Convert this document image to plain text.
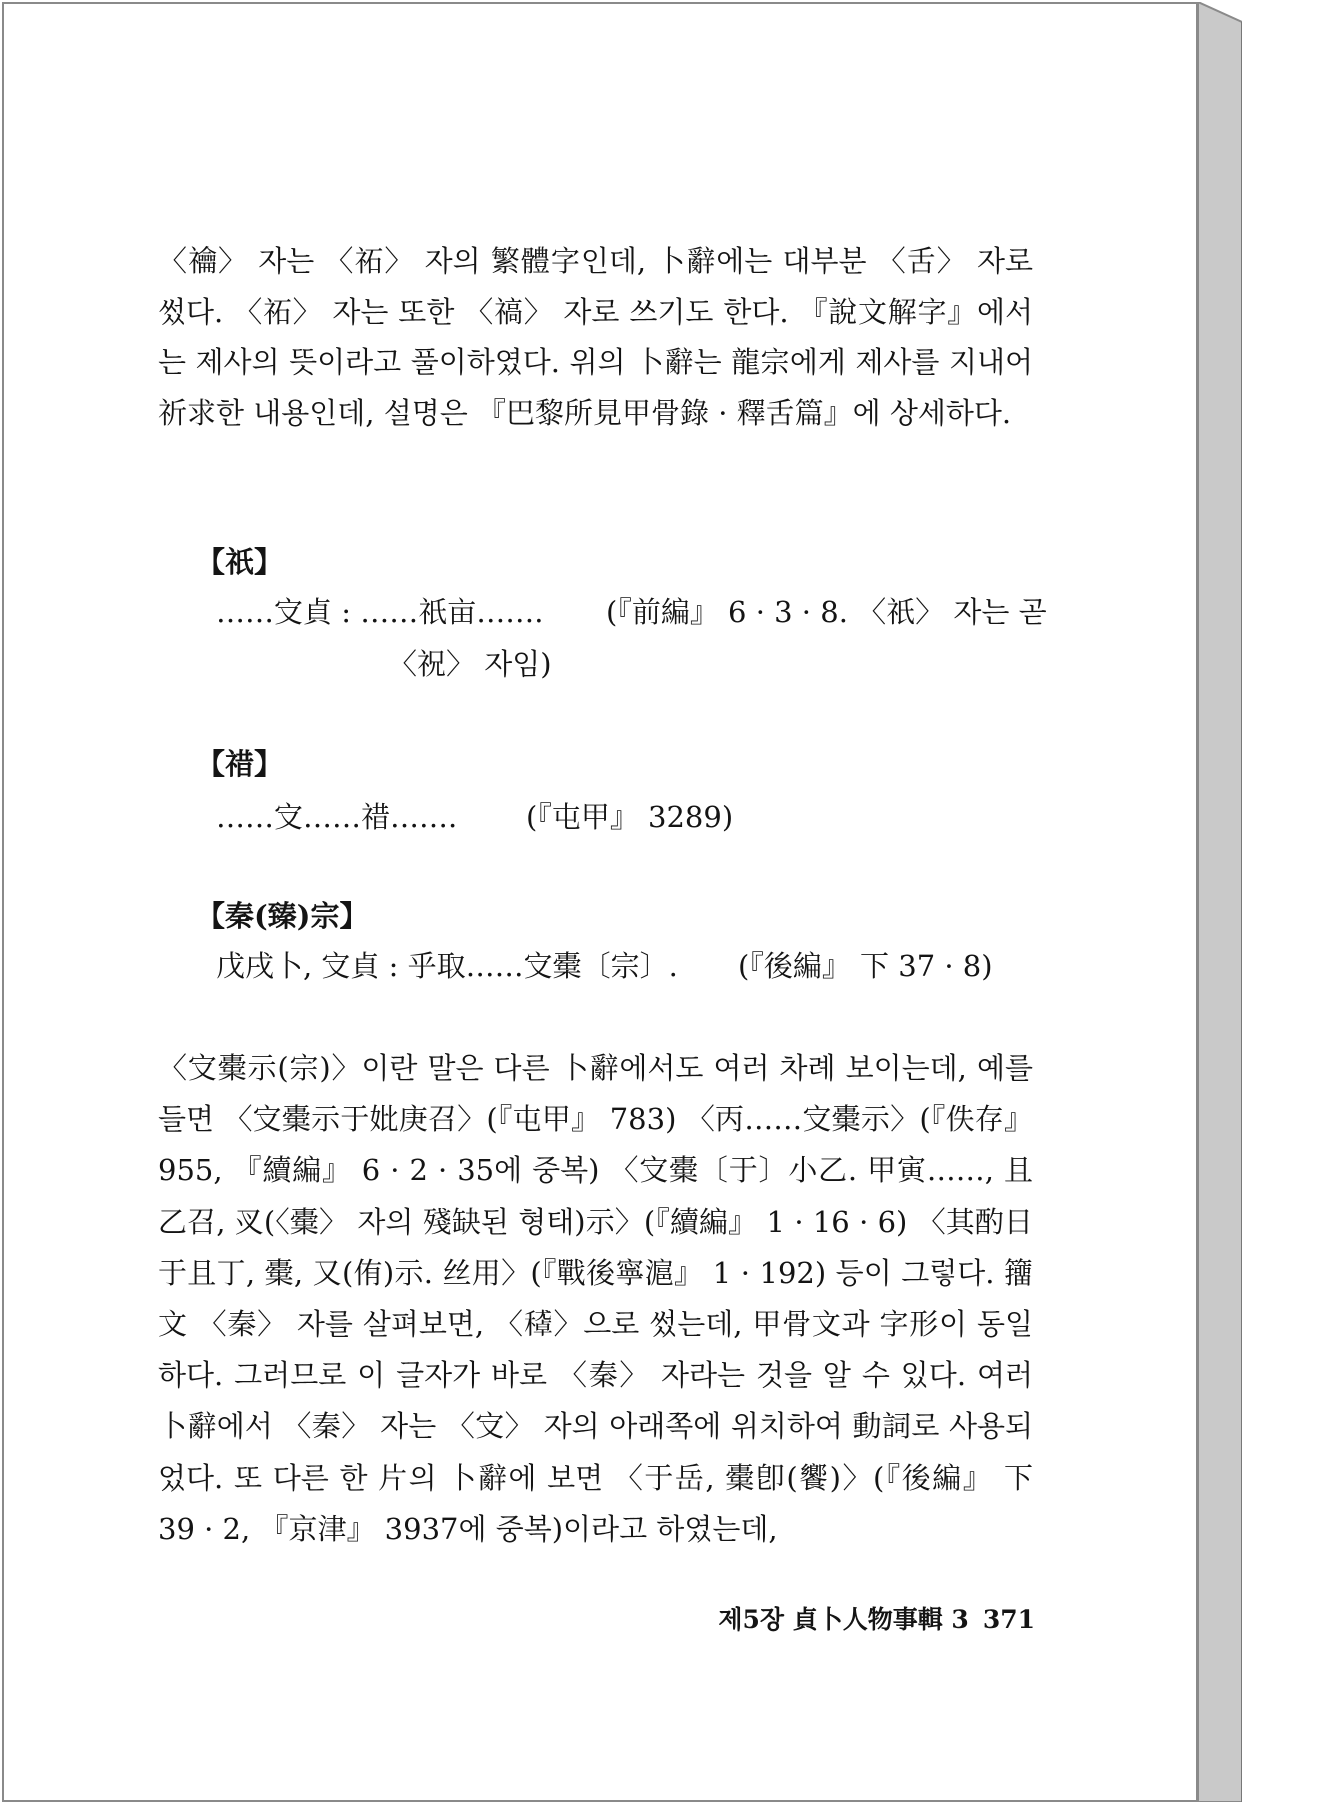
〈禴〉 자는 〈祏〉 자의 繁體字인데, 卜辭에는 대부분 〈舌〉 자로 썼다. 〈祏〉 자는 또한 〈禞〉 자로 쓰기도 한다. 『說文解字』에서는 제사의 뜻이라고 풀이하였다. 위의 卜辭는 龍宗에게 제사를 지내어 祈求한 내용인데, 설명은 『巴黎所見甲骨錄 · 釋舌篇』에 상세하다.
【祇】
……㝊貞 : ……祇亩……. (『前編』 6 · 3 · 8. 〈祇〉 자는 곧
〈祝〉 자임)
【䄍】
……㝊……䄍……. (『屯甲』 3289)
【秦(臻)宗】
戊戌卜, 㝊貞 : 乎取……㝊㯱〔宗〕. (『後編』 下 37 · 8)
〈㝊㯱示(宗)〉이란 말은 다른 卜辭에서도 여러 차례 보이는데, 예를 들면 〈㝊㯱示于妣庚召〉(『屯甲』 783) 〈丙……㝊㯱示〉(『佚存』 955, 『續編』 6 · 2 · 35에 중복) 〈㝊㯱〔于〕小乙. 甲寅……, 且乙召, 㕚(〈㯱〉 자의 殘缺된 형태)示〉(『續編』 1 · 16 · 6) 〈其酌日于且丁, 㯱, 又(侑)示. 丝用〉(『戰後寧滬』 1 · 192) 등이 그렇다. 籒文 〈秦〉 자를 살펴보면, 〈𥢔〉으로 썼는데, 甲骨文과 字形이 동일하다. 그러므로 이 글자가 바로 〈秦〉 자라는 것을 알 수 있다. 여러 卜辭에서 〈秦〉 자는 〈㝊〉 자의 아래쪽에 위치하여 動詞로 사용되었다. 또 다른 한 片의 卜辭에 보면 〈于岳, 㯱卽(饗)〉(『後編』 下 39 · 2, 『京津』 3937에 중복)이라고 하였는데,
제5장 貞卜人物事輯 3 371
